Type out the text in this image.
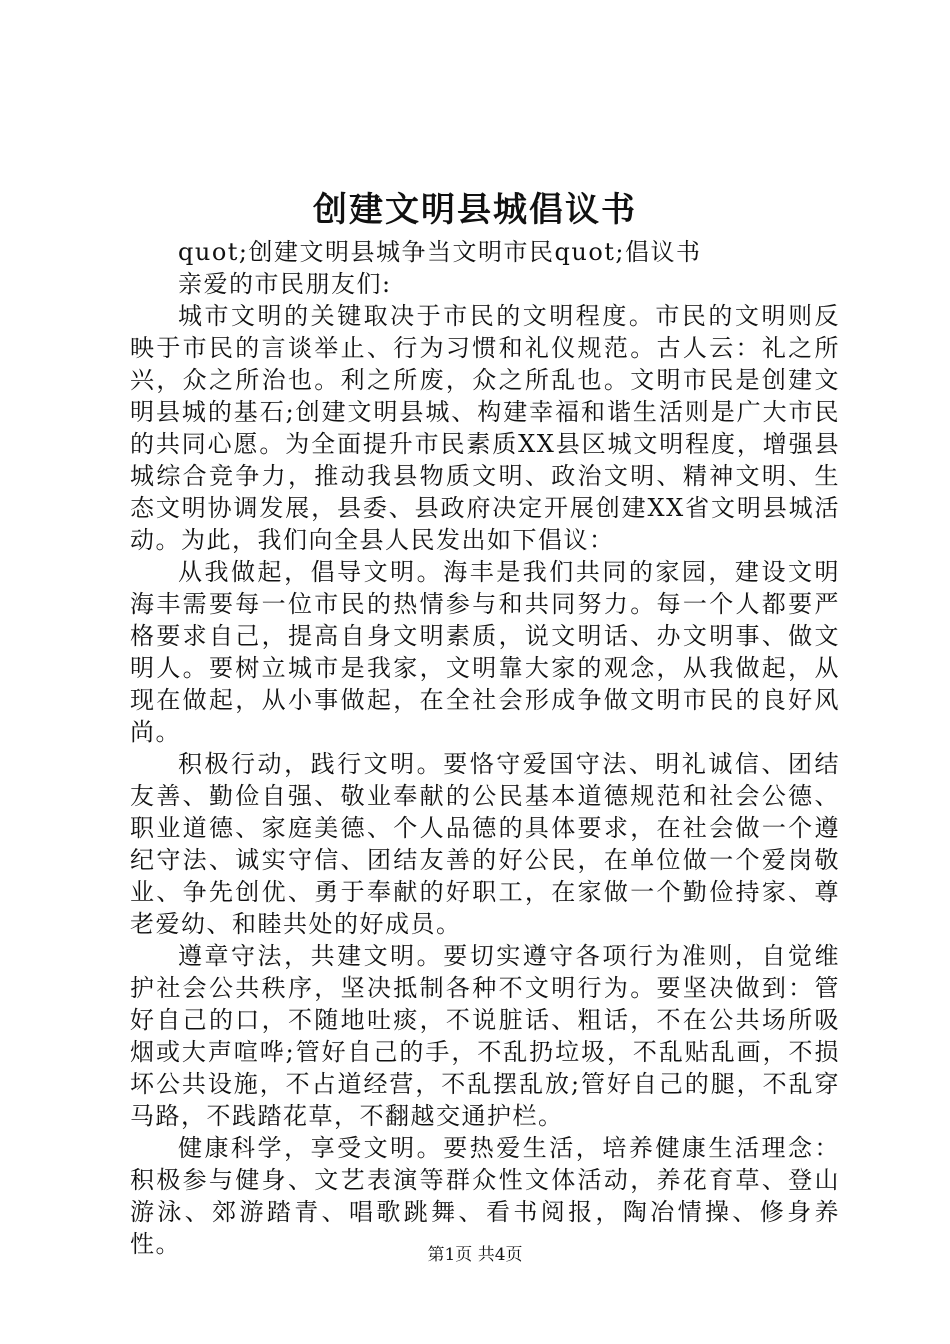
创建文明县城倡议书

quot;创建文明县城争当文明市民quot;倡议书

亲爱的市民朋友们:

城市文明的关键取决于市民的文明程度。市民的文明则反映于市民的言谈举止、行为习惯和礼仪规范。古人云：礼之所兴，众之所治也。利之所废，众之所乱也。文明市民是创建文明县城的基石;创建文明县城、构建幸福和谐生活则是广大市民的共同心愿。为全面提升市民素质XX县区城文明程度，增强县城综合竞争力，推动我县物质文明、政治文明、精神文明、生态文明协调发展，县委、县政府决定开展创建XX省文明县城活动。为此，我们向全县人民发出如下倡议：

从我做起，倡导文明。海丰是我们共同的家园，建设文明海丰需要每一位市民的热情参与和共同努力。每一个人都要严格要求自己，提高自身文明素质，说文明话、办文明事、做文明人。要树立城市是我家，文明靠大家的观念，从我做起，从现在做起，从小事做起，在全社会形成争做文明市民的良好风尚。

积极行动，践行文明。要恪守爱国守法、明礼诚信、团结友善、勤俭自强、敬业奉献的公民基本道德规范和社会公德、职业道德、家庭美德、个人品德的具体要求，在社会做一个遵纪守法、诚实守信、团结友善的好公民，在单位做一个爱岗敬业、争先创优、勇于奉献的好职工，在家做一个勤俭持家、尊老爱幼、和睦共处的好成员。

遵章守法，共建文明。要切实遵守各项行为准则，自觉维护社会公共秩序，坚决抵制各种不文明行为。要坚决做到：管好自己的口，不随地吐痰，不说脏话、粗话，不在公共场所吸烟或大声喧哗;管好自己的手，不乱扔垃圾，不乱贴乱画，不损坏公共设施，不占道经营，不乱摆乱放;管好自己的腿，不乱穿马路，不践踏花草，不翻越交通护栏。

健康科学，享受文明。要热爱生活，培养健康生活理念：积极参与健身、文艺表演等群众性文体活动，养花育草、登山游泳、郊游踏青、唱歌跳舞、看书阅报，陶冶情操、修身养性。	第1页 共4页
